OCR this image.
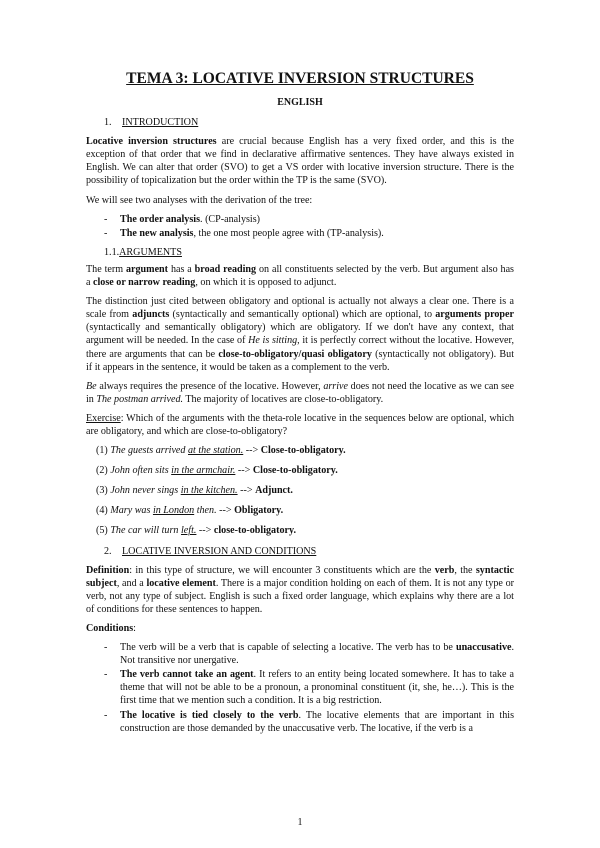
TEMA 3: LOCATIVE INVERSION STRUCTURES
ENGLISH
1. INTRODUCTION

Locative inversion structures are crucial because English has a very fixed order, and this is the exception of that order that we find in declarative affirmative sentences. They have always existed in English. We can alter that order (SVO) to get a VS order with locative inversion structure. There is the possibility of topicalization but the order within the TP is the same (SVO).

We will see two analyses with the derivation of the tree:

- The order analysis. (CP-analysis)
- The new analysis, the one most people agree with (TP-analysis).
1.1.ARGUMENTS

The term argument has a broad reading on all constituents selected by the verb. But argument also has a close or narrow reading, on which it is opposed to adjunct.

The distinction just cited between obligatory and optional is actually not always a clear one. There is a scale from adjuncts (syntactically and semantically optional) which are optional, to arguments proper (syntactically and semantically obligatory) which are obligatory. If we don't have any context, that argument will be needed. In the case of He is sitting, it is perfectly correct without the locative. However, there are arguments that can be close-to-obligatory/quasi obligatory (syntactically not obligatory). But if it appears in the sentence, it would be taken as a complement to the verb.

Be always requires the presence of the locative. However, arrive does not need the locative as we can see in The postman arrived. The majority of locatives are close-to-obligatory.

Exercise: Which of the arguments with the theta-role locative in the sequences below are optional, which are obligatory, and which are close-to-obligatory?

(1) The guests arrived at the station. --> Close-to-obligatory.
(2) John often sits in the armchair. --> Close-to-obligatory.
(3) John never sings in the kitchen. --> Adjunct.
(4) Mary was in London then. --> Obligatory.
(5) The car will turn left. --> close-to-obligatory.
2. LOCATIVE INVERSION AND CONDITIONS

Definition: in this type of structure, we will encounter 3 constituents which are the verb, the syntactic subject, and a locative element. There is a major condition holding on each of them. It is not any type or verb, not any type of subject. English is such a fixed order language, which explains why there are a lot of conditions for these sentences to happen.

Conditions:

- The verb will be a verb that is capable of selecting a locative. The verb has to be unaccusative. Not transitive nor unergative.
- The verb cannot take an agent. It refers to an entity being located somewhere. It has to take a theme that will not be able to be a pronoun, a pronominal constituent (it, she, he…). This is the first time that we mention such a condition. It is a big restriction.
- The locative is tied closely to the verb. The locative elements that are important in this construction are those demanded by the unaccusative verb. The locative, if the verb is a
1
